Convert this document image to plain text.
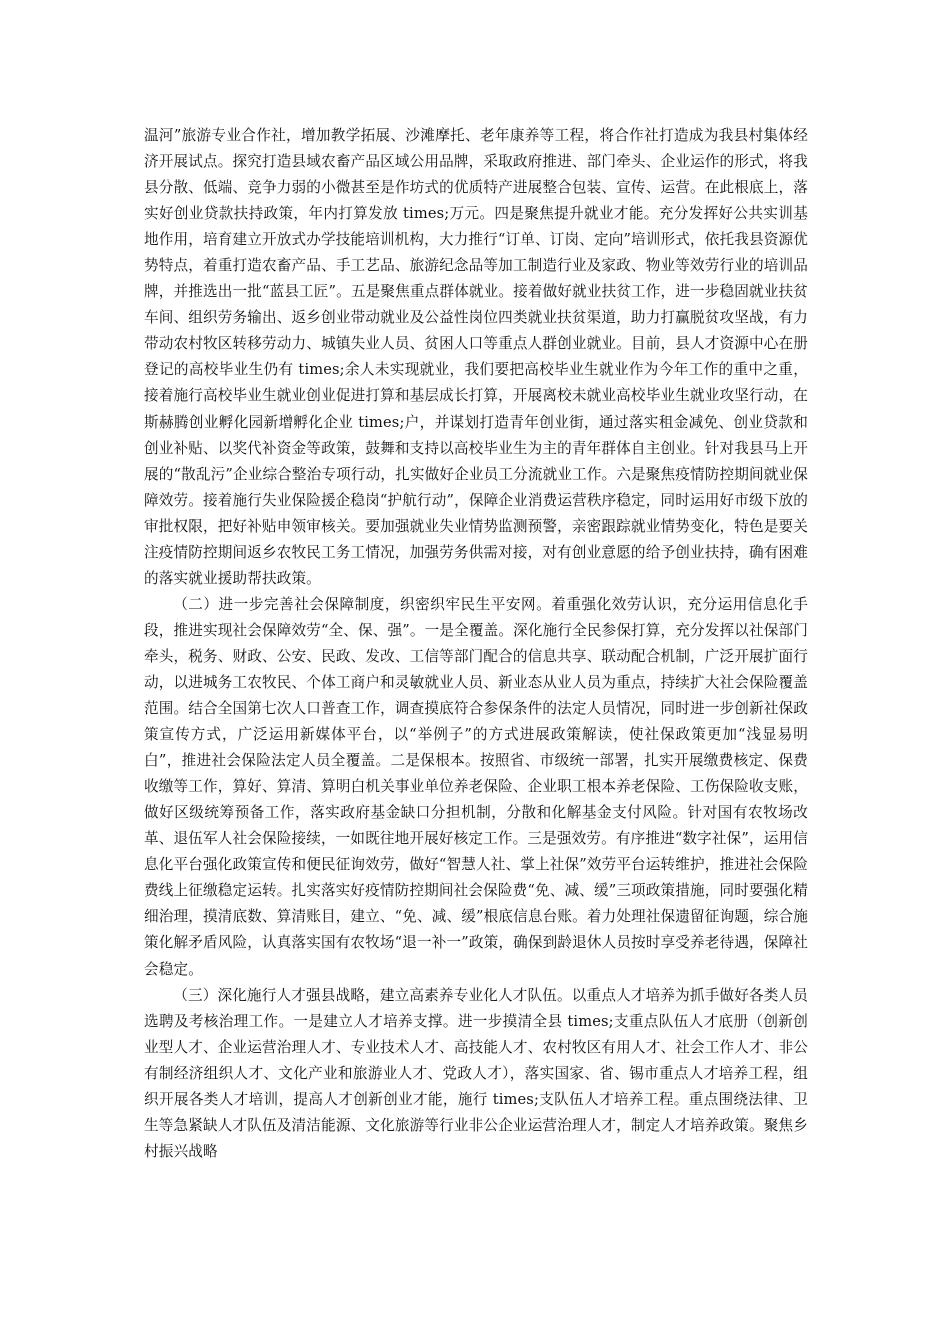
温河”旅游专业合作社，增加教学拓展、沙滩摩托、老年康养等工程，将合作社打造成为我县村集体经济开展试点。探究打造县域农畜产品区域公用品牌，采取政府推进、部门牵头、企业运作的形式，将我县分散、低端、竞争力弱的小微甚至是作坊式的优质特产进展整合包装、宣传、运营。在此根底上，落实好创业贷款扶持政策，年内打算发放 times;万元。四是聚焦提升就业才能。充分发挥好公共实训基地作用，培育建立开放式办学技能培训机构，大力推行“订单、订岗、定向”培训形式，依托我县资源优势特点，着重打造农畜产品、手工艺品、旅游纪念品等加工制造行业及家政、物业等效劳行业的培训品牌，并推选出一批“蓝县工匠”。五是聚焦重点群体就业。接着做好就业扶贫工作，进一步稳固就业扶贫车间、组织劳务输出、返乡创业带动就业及公益性岗位四类就业扶贫渠道，助力打赢脱贫攻坚战，有力带动农村牧区转移劳动力、城镇失业人员、贫困人口等重点人群创业就业。目前，县人才资源中心在册登记的高校毕业生仍有 times;余人未实现就业，我们要把高校毕业生就业作为今年工作的重中之重，接着施行高校毕业生就业创业促进打算和基层成长打算，开展离校未就业高校毕业生就业攻坚行动，在斯赫腾创业孵化园新增孵化企业 times;户，并谋划打造青年创业街，通过落实租金减免、创业贷款和创业补贴、以奖代补资金等政策，鼓舞和支持以高校毕业生为主的青年群体自主创业。针对我县马上开展的“散乱污”企业综合整治专项行动，扎实做好企业员工分流就业工作。六是聚焦疫情防控期间就业保障效劳。接着施行失业保险援企稳岗“护航行动”，保障企业消费运营秩序稳定，同时运用好市级下放的审批权限，把好补贴申领审核关。要加强就业失业情势监测预警，亲密跟踪就业情势变化，特色是要关注疫情防控期间返乡农牧民工务工情况，加强劳务供需对接，对有创业意愿的给予创业扶持，确有困难的落实就业援助帮扶政策。

（二）进一步完善社会保障制度，织密织牢民生平安网。着重强化效劳认识，充分运用信息化手段，推进实现社会保障效劳“全、保、强”。一是全覆盖。深化施行全民参保打算，充分发挥以社保部门牵头，税务、财政、公安、民政、发改、工信等部门配合的信息共享、联动配合机制，广泛开展扩面行动，以进城务工农牧民、个体工商户和灵敏就业人员、新业态从业人员为重点，持续扩大社会保险覆盖范围。结合全国第七次人口普查工作，调查摸底符合参保条件的法定人员情况，同时进一步创新社保政策宣传方式，广泛运用新媒体平台，以“举例子”的方式进展政策解读，使社保政策更加“浅显易明白”，推进社会保险法定人员全覆盖。二是保根本。按照省、市级统一部署，扎实开展缴费核定、保费收缴等工作，算好、算清、算明白机关事业单位养老保险、企业职工根本养老保险、工伤保险收支账，做好区级统筹预备工作，落实政府基金缺口分担机制，分散和化解基金支付风险。针对国有农牧场改革、退伍军人社会保险接续，一如既往地开展好核定工作。三是强效劳。有序推进“数字社保”，运用信息化平台强化政策宣传和便民征询效劳，做好“智慧人社、掌上社保”效劳平台运转维护，推进社会保险费线上征缴稳定运转。扎实落实好疫情防控期间社会保险费“免、减、缓”三项政策措施，同时要强化精细治理，摸清底数、算清账目，建立、“免、减、缓”根底信息台账。着力处理社保遗留征询题，综合施策化解矛盾风险，认真落实国有农牧场“退一补一”政策，确保到龄退休人员按时享受养老待遇，保障社会稳定。

（三）深化施行人才强县战略，建立高素养专业化人才队伍。以重点人才培养为抓手做好各类人员选聘及考核治理工作。一是建立人才培养支撑。进一步摸清全县 times;支重点队伍人才底册（创新创业型人才、企业运营治理人才、专业技术人才、高技能人才、农村牧区有用人才、社会工作人才、非公有制经济组织人才、文化产业和旅游业人才、党政人才），落实国家、省、锡市重点人才培养工程，组织开展各类人才培训，提高人才创新创业才能，施行 times;支队伍人才培养工程。重点围绕法律、卫生等急紧缺人才队伍及清洁能源、文化旅游等行业非公企业运营治理人才，制定人才培养政策。聚焦乡村振兴战略
